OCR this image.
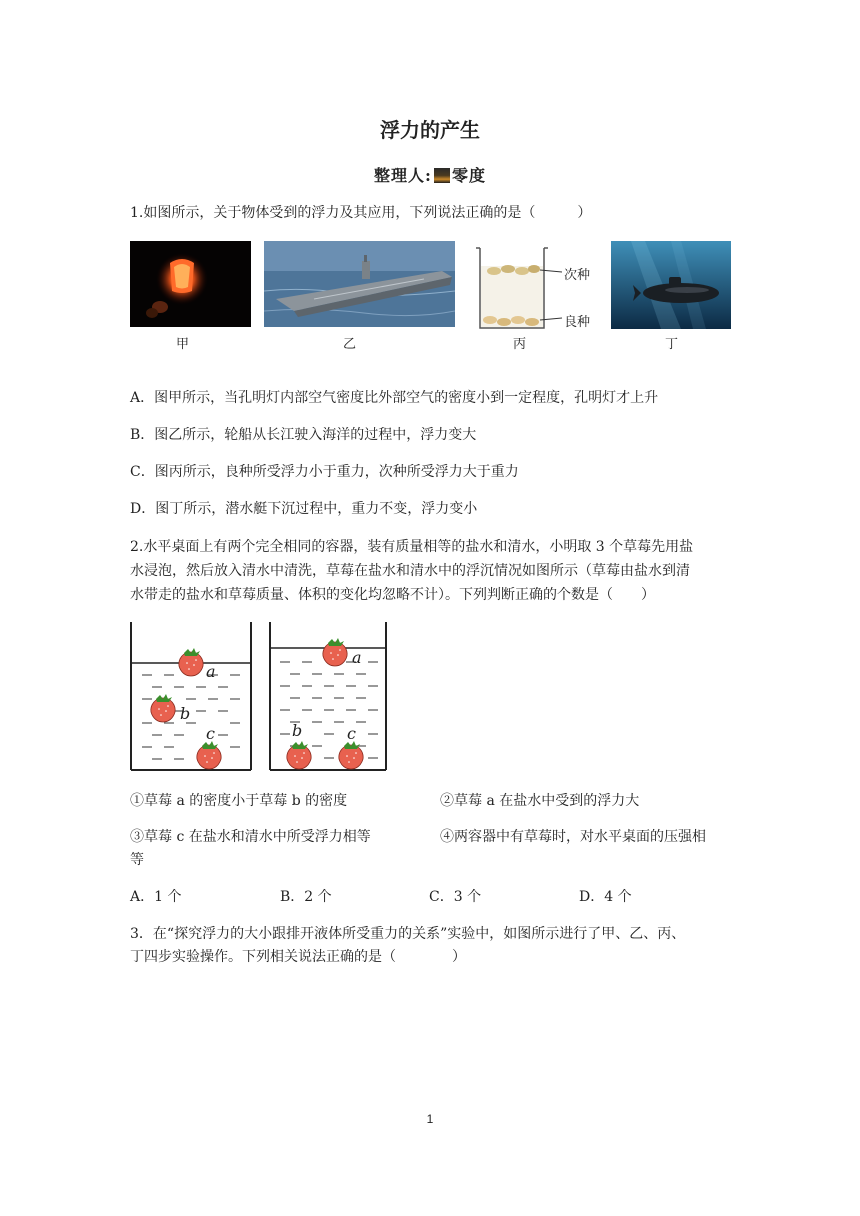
浮力的产生
整理人: 零度
1.如图所示，关于物体受到的浮力及其应用，下列说法正确的是（　　　）
甲	乙
次种
良种
丙	丁
A．图甲所示，当孔明灯内部空气密度比外部空气的密度小到一定程度，孔明灯才上升
B．图乙所示，轮船从长江驶入海洋的过程中，浮力变大
C．图丙所示，良种所受浮力小于重力，次种所受浮力大于重力
D．图丁所示，潜水艇下沉过程中，重力不变，浮力变小
2.水平桌面上有两个完全相同的容器，装有质量相等的盐水和清水，小明取 3 个草莓先用盐
水浸泡，然后放入清水中清洗，草莓在盐水和清水中的浮沉情况如图所示（草莓由盐水到清
水带走的盐水和草莓质量、体积的变化均忽略不计）。下列判断正确的个数是（　　）
a
b
c
a
b	c
①草莓 a 的密度小于草莓 b 的密度	②草莓 a 在盐水中受到的浮力大
③草莓 c 在盐水和清水中所受浮力相等	④两容器中有草莓时，对水平桌面的压强相
等
A．1 个	B．2 个	C．3 个	D．4 个
3．在“探究浮力的大小跟排开液体所受重力的关系”实验中，如图所示进行了甲、乙、丙、
丁四步实验操作。下列相关说法正确的是（　　　　）
1
